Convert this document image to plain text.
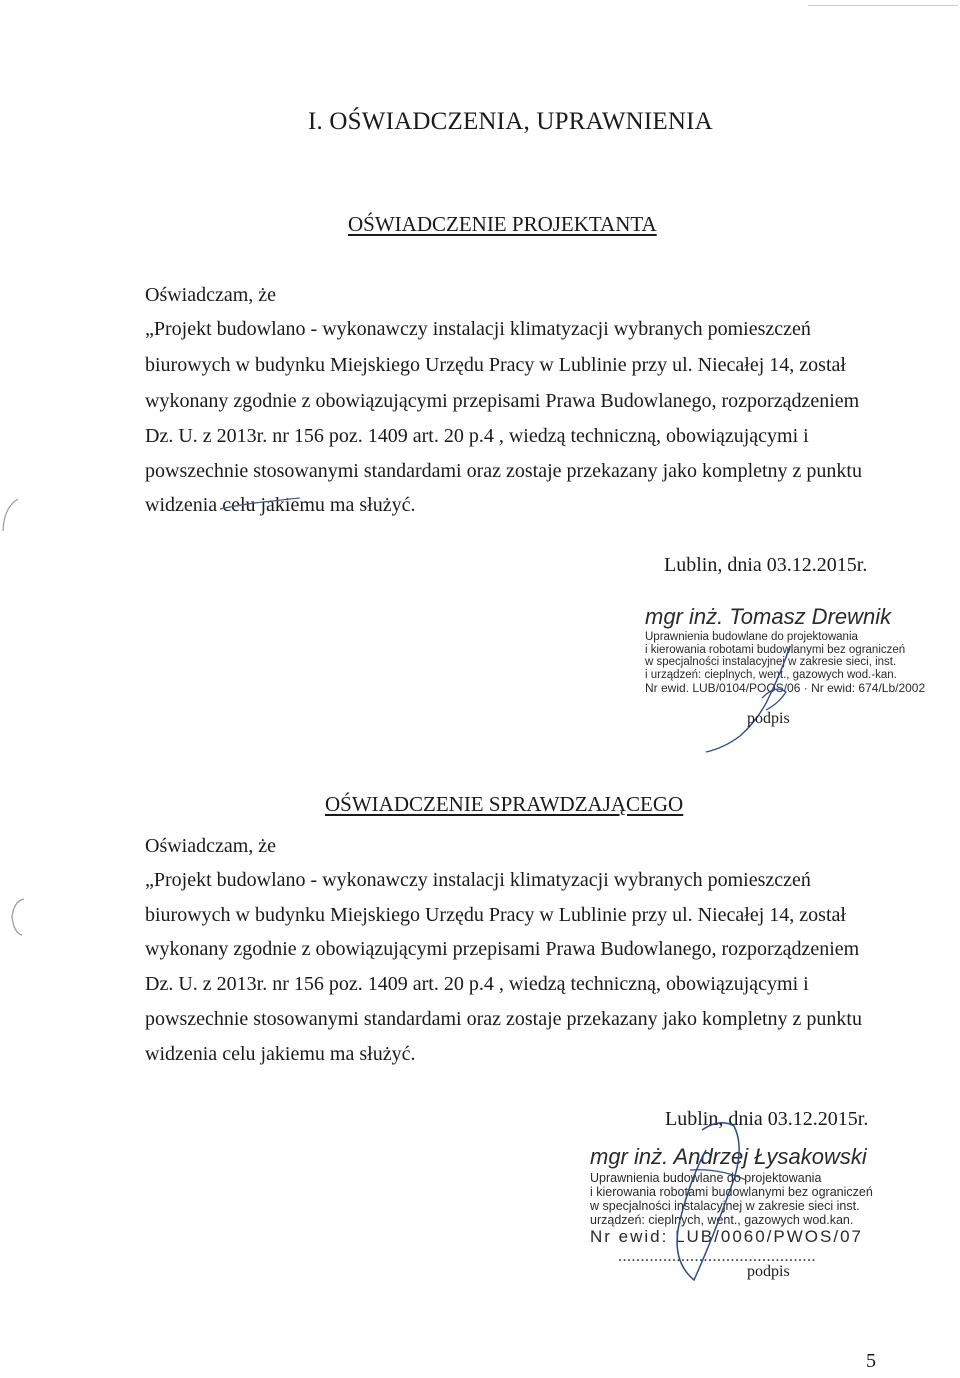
I. OŚWIADCZENIA, UPRAWNIENIA
OŚWIADCZENIE PROJEKTANTA
Oświadczam, że
„Projekt budowlano - wykonawczy instalacji klimatyzacji wybranych pomieszczeń
biurowych w budynku Miejskiego Urzędu Pracy w Lublinie przy ul. Niecałej 14, został
wykonany zgodnie z obowiązującymi przepisami Prawa Budowlanego, rozporządzeniem
Dz. U. z 2013r. nr 156 poz. 1409 art. 20 p.4 , wiedzą techniczną, obowiązującymi i
powszechnie stosowanymi standardami oraz zostaje przekazany jako kompletny z punktu
widzenia celu jakiemu ma służyć.
Lublin, dnia 03.12.2015r.
mgr inż. Tomasz Drewnik
Uprawnienia budowlane do projektowania
i kierowania robotami budowlanymi bez ograniczeń
w specjalności instalacyjnej w zakresie sieci, inst.
i urządzeń: cieplnych, went., gazowych wod.-kan.
Nr ewid. LUB/0104/POOS/06 · Nr ewid: 674/Lb/2002
podpis
OŚWIADCZENIE SPRAWDZAJĄCEGO
Oświadczam, że
„Projekt budowlano - wykonawczy instalacji klimatyzacji wybranych pomieszczeń
biurowych w budynku Miejskiego Urzędu Pracy w Lublinie przy ul. Niecałej 14, został
wykonany zgodnie z obowiązującymi przepisami Prawa Budowlanego, rozporządzeniem
Dz. U. z 2013r. nr 156 poz. 1409 art. 20 p.4 , wiedzą techniczną, obowiązującymi i
powszechnie stosowanymi standardami oraz zostaje przekazany jako kompletny z punktu
widzenia celu jakiemu ma służyć.
Lublin, dnia 03.12.2015r.
mgr inż. Andrzej Łysakowski
Uprawnienia budowlane do projektowania
i kierowania robotami budowlanymi bez ograniczeń
w specjalności instalacyjnej w zakresie sieci inst.
urządzeń: cieplnych, went., gazowych wod.kan.
Nr ewid: LUB/0060/PWOS/07
............................................
podpis
5
